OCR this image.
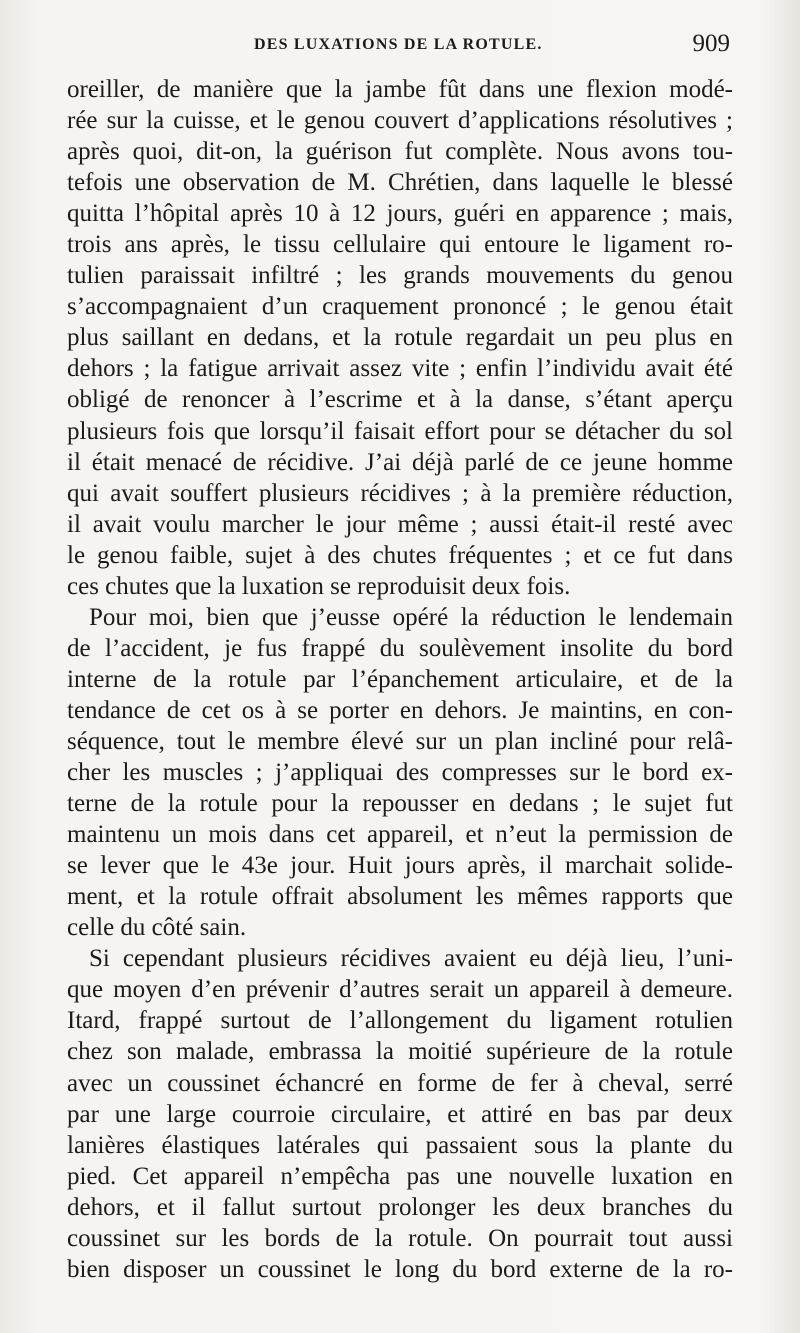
DES LUXATIONS DE LA ROTULE.	909
oreiller, de manière que la jambe fût dans une flexion modé-
rée sur la cuisse, et le genou couvert d’applications résolutives ;
après quoi, dit-on, la guérison fut complète. Nous avons tou-
tefois une observation de M. Chrétien, dans laquelle le blessé
quitta l’hôpital après 10 à 12 jours, guéri en apparence ; mais,
trois ans après, le tissu cellulaire qui entoure le ligament ro-
tulien paraissait infiltré ; les grands mouvements du genou
s’accompagnaient d’un craquement prononcé ; le genou était
plus saillant en dedans, et la rotule regardait un peu plus en
dehors ; la fatigue arrivait assez vite ; enfin l’individu avait été
obligé de renoncer à l’escrime et à la danse, s’étant aperçu
plusieurs fois que lorsqu’il faisait effort pour se détacher du sol
il était menacé de récidive. J’ai déjà parlé de ce jeune homme
qui avait souffert plusieurs récidives ; à la première réduction,
il avait voulu marcher le jour même ; aussi était-il resté avec
le genou faible, sujet à des chutes fréquentes ; et ce fut dans
ces chutes que la luxation se reproduisit deux fois.
Pour moi, bien que j’eusse opéré la réduction le lendemain
de l’accident, je fus frappé du soulèvement insolite du bord
interne de la rotule par l’épanchement articulaire, et de la
tendance de cet os à se porter en dehors. Je maintins, en con-
séquence, tout le membre élevé sur un plan incliné pour relâ-
cher les muscles ; j’appliquai des compresses sur le bord ex-
terne de la rotule pour la repousser en dedans ; le sujet fut
maintenu un mois dans cet appareil, et n’eut la permission de
se lever que le 43e jour. Huit jours après, il marchait solide-
ment, et la rotule offrait absolument les mêmes rapports que
celle du côté sain.
Si cependant plusieurs récidives avaient eu déjà lieu, l’uni-
que moyen d’en prévenir d’autres serait un appareil à demeure.
Itard, frappé surtout de l’allongement du ligament rotulien
chez son malade, embrassa la moitié supérieure de la rotule
avec un coussinet échancré en forme de fer à cheval, serré
par une large courroie circulaire, et attiré en bas par deux
lanières élastiques latérales qui passaient sous la plante du
pied. Cet appareil n’empêcha pas une nouvelle luxation en
dehors, et il fallut surtout prolonger les deux branches du
coussinet sur les bords de la rotule. On pourrait tout aussi
bien disposer un coussinet le long du bord externe de la ro-
